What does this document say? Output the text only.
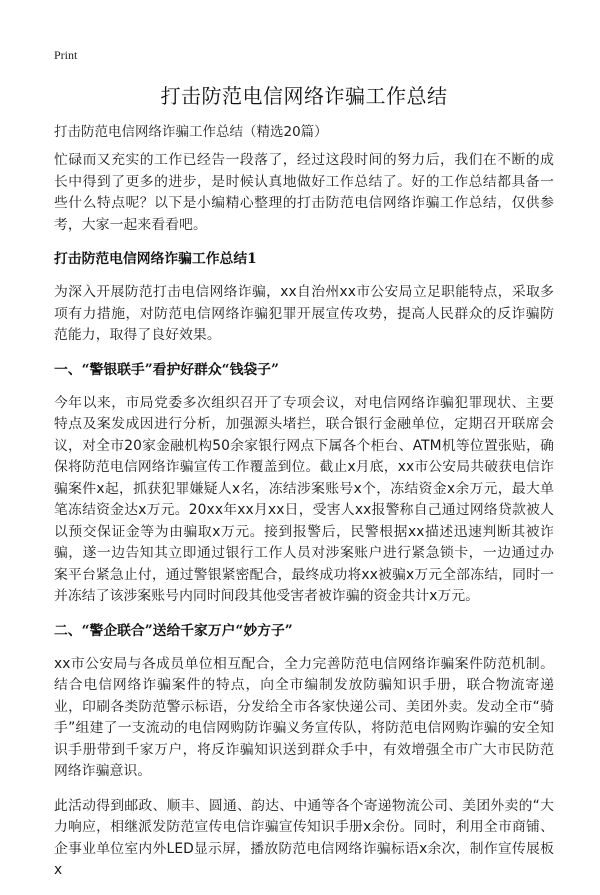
Print
打击防范电信网络诈骗工作总结
打击防范电信网络诈骗工作总结（精选20篇）

忙碌而又充实的工作已经告一段落了，经过这段时间的努力后，我们在不断的成长中得到了更多的进步，是时候认真地做好工作总结了。好的工作总结都具备一些什么特点呢？以下是小编精心整理的打击防范电信网络诈骗工作总结，仅供参考，大家一起来看看吧。

打击防范电信网络诈骗工作总结1

为深入开展防范打击电信网络诈骗，xx自治州xx市公安局立足职能特点，采取多项有力措施，对防范电信网络诈骗犯罪开展宣传攻势，提高人民群众的反诈骗防范能力，取得了良好效果。

一、“警银联手”看护好群众“钱袋子”

今年以来，市局党委多次组织召开了专项会议，对电信网络诈骗犯罪现状、主要特点及案发成因进行分析，加强源头堵拦，联合银行金融单位，定期召开联席会议，对全市20家金融机构50余家银行网点下属各个柜台、ATM机等位置张贴，确保将防范电信网络诈骗宣传工作覆盖到位。截止x月底，xx市公安局共破获电信诈骗案件x起，抓获犯罪嫌疑人x名，冻结涉案账号x个，冻结资金x余万元，最大单笔冻结资金达x万元。20xx年xx月xx日，受害人xx报警称自己通过网络贷款被人以预交保证金等为由骗取x万元。接到报警后，民警根据xx描述迅速判断其被诈骗，遂一边告知其立即通过银行工作人员对涉案账户进行紧急锁卡，一边通过办案平台紧急止付，通过警银紧密配合，最终成功将xx被骗x万元全部冻结，同时一并冻结了该涉案账号内同时间段其他受害者被诈骗的资金共计x万元。

二、“警企联合”送给千家万户“妙方子”

xx市公安局与各成员单位相互配合，全力完善防范电信网络诈骗案件防范机制。结合电信网络诈骗案件的特点，向全市编制发放防骗知识手册，联合物流寄递业，印刷各类防范警示标语，分发给全市各家快递公司、美团外卖。发动全市“骑手”组建了一支流动的电信网购防诈骗义务宣传队，将防范电信网购诈骗的安全知识手册带到千家万户，将反诈骗知识送到群众手中，有效增强全市广大市民防范网络诈骗意识。

此活动得到邮政、顺丰、圆通、韵达、中通等各个寄递物流公司、美团外卖的“大力响应，相继派发防范宣传电信诈骗宣传知识手册x余份。同时，利用全市商铺、企事业单位室内外LED显示屏，播放防范电信网络诈骗标语x余次，制作宣传展板x
